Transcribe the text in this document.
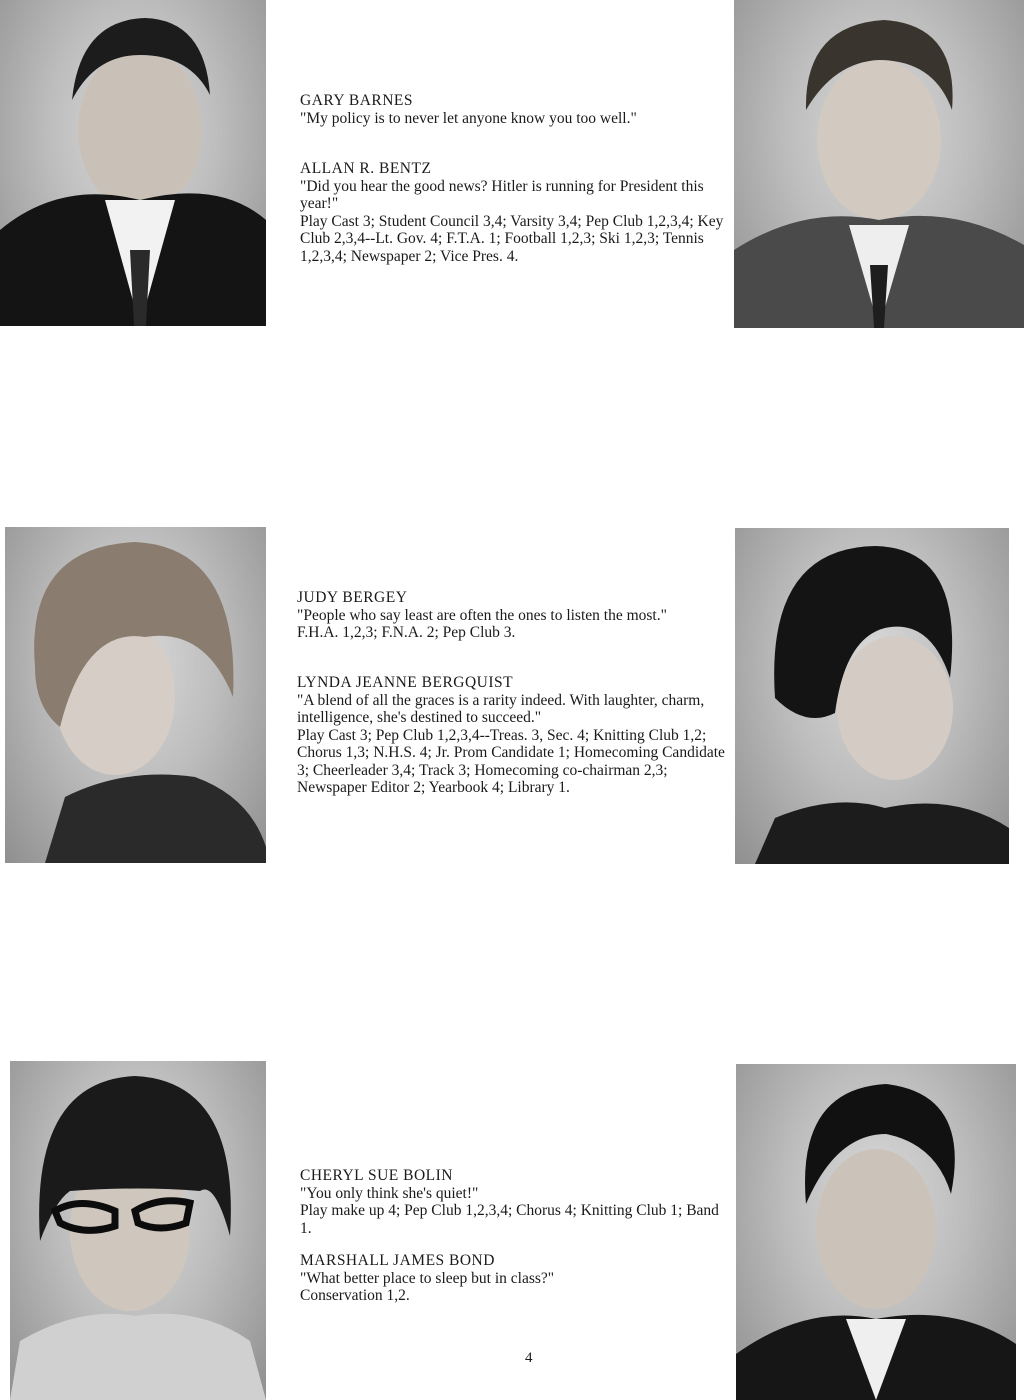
GARY BARNES

"My policy is to never let anyone know you too well."

ALLAN R. BENTZ

"Did you hear the good news? Hitler is running for President this year!"

Play Cast 3; Student Council 3,4; Varsity 3,4; Pep Club 1,2,3,4; Key Club 2,3,4--Lt. Gov. 4; F.T.A. 1; Football 1,2,3; Ski 1,2,3; Tennis 1,2,3,4; Newspaper 2; Vice Pres. 4.

JUDY BERGEY

"People who say least are often the ones to listen the most."

F.H.A. 1,2,3; F.N.A. 2; Pep Club 3.

LYNDA JEANNE BERGQUIST

"A blend of all the graces is a rarity indeed. With laughter, charm, intelligence, she's destined to succeed."

Play Cast 3; Pep Club 1,2,3,4--Treas. 3, Sec. 4; Knitting Club 1,2; Chorus 1,3; N.H.S. 4; Jr. Prom Candidate 1; Homecoming Candidate 3; Cheerleader 3,4; Track 3; Homecoming co-chairman 2,3; Newspaper Editor 2; Yearbook 4; Library 1.

CHERYL SUE BOLIN

"You only think she's quiet!"

Play make up 4; Pep Club 1,2,3,4; Chorus 4; Knitting Club 1; Band 1.

MARSHALL JAMES BOND

"What better place to sleep but in class?"

Conservation 1,2.

4
